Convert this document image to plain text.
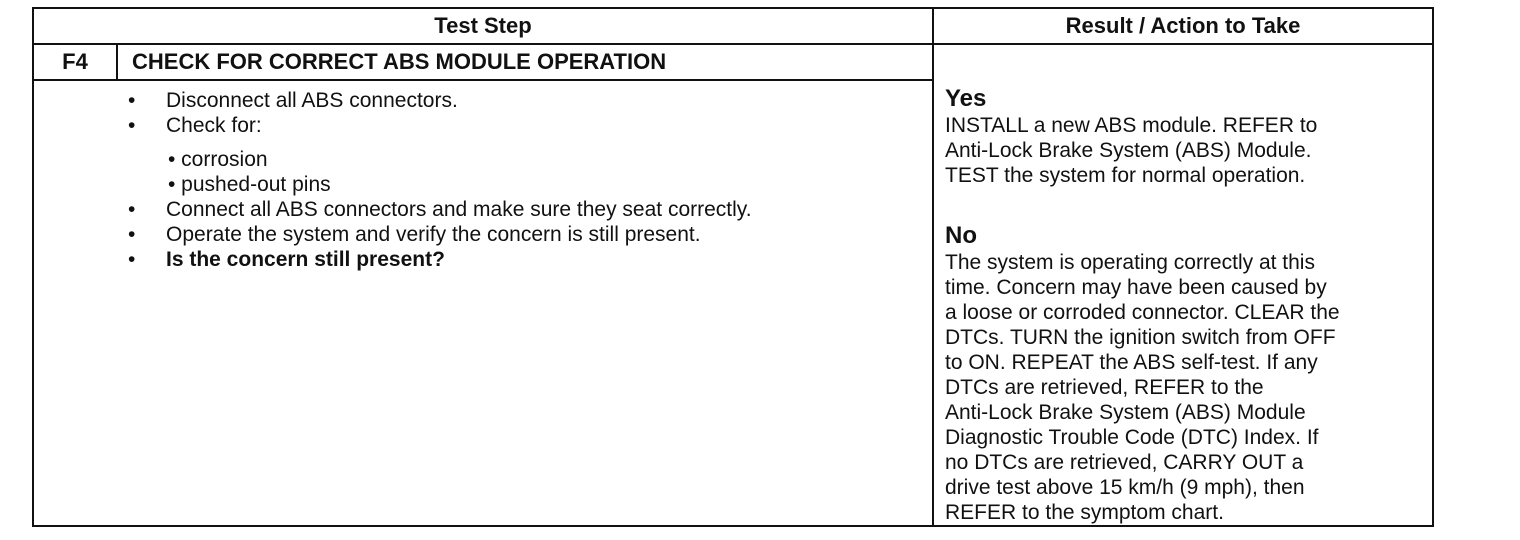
Test Step	Result / Action to Take
F4	CHECK FOR CORRECT ABS MODULE OPERATION
• Disconnect all ABS connectors.
• Check for:
• corrosion
• pushed-out pins
• Connect all ABS connectors and make sure they seat correctly.
• Operate the system and verify the concern is still present.
• Is the concern still present?
Yes
INSTALL a new ABS module. REFER to
Anti-Lock Brake System (ABS) Module.
TEST the system for normal operation.
No
The system is operating correctly at this
time. Concern may have been caused by
a loose or corroded connector. CLEAR the
DTCs. TURN the ignition switch from OFF
to ON. REPEAT the ABS self-test. If any
DTCs are retrieved, REFER to the
Anti-Lock Brake System (ABS) Module
Diagnostic Trouble Code (DTC) Index. If
no DTCs are retrieved, CARRY OUT a
drive test above 15 km/h (9 mph), then
REFER to the symptom chart.
